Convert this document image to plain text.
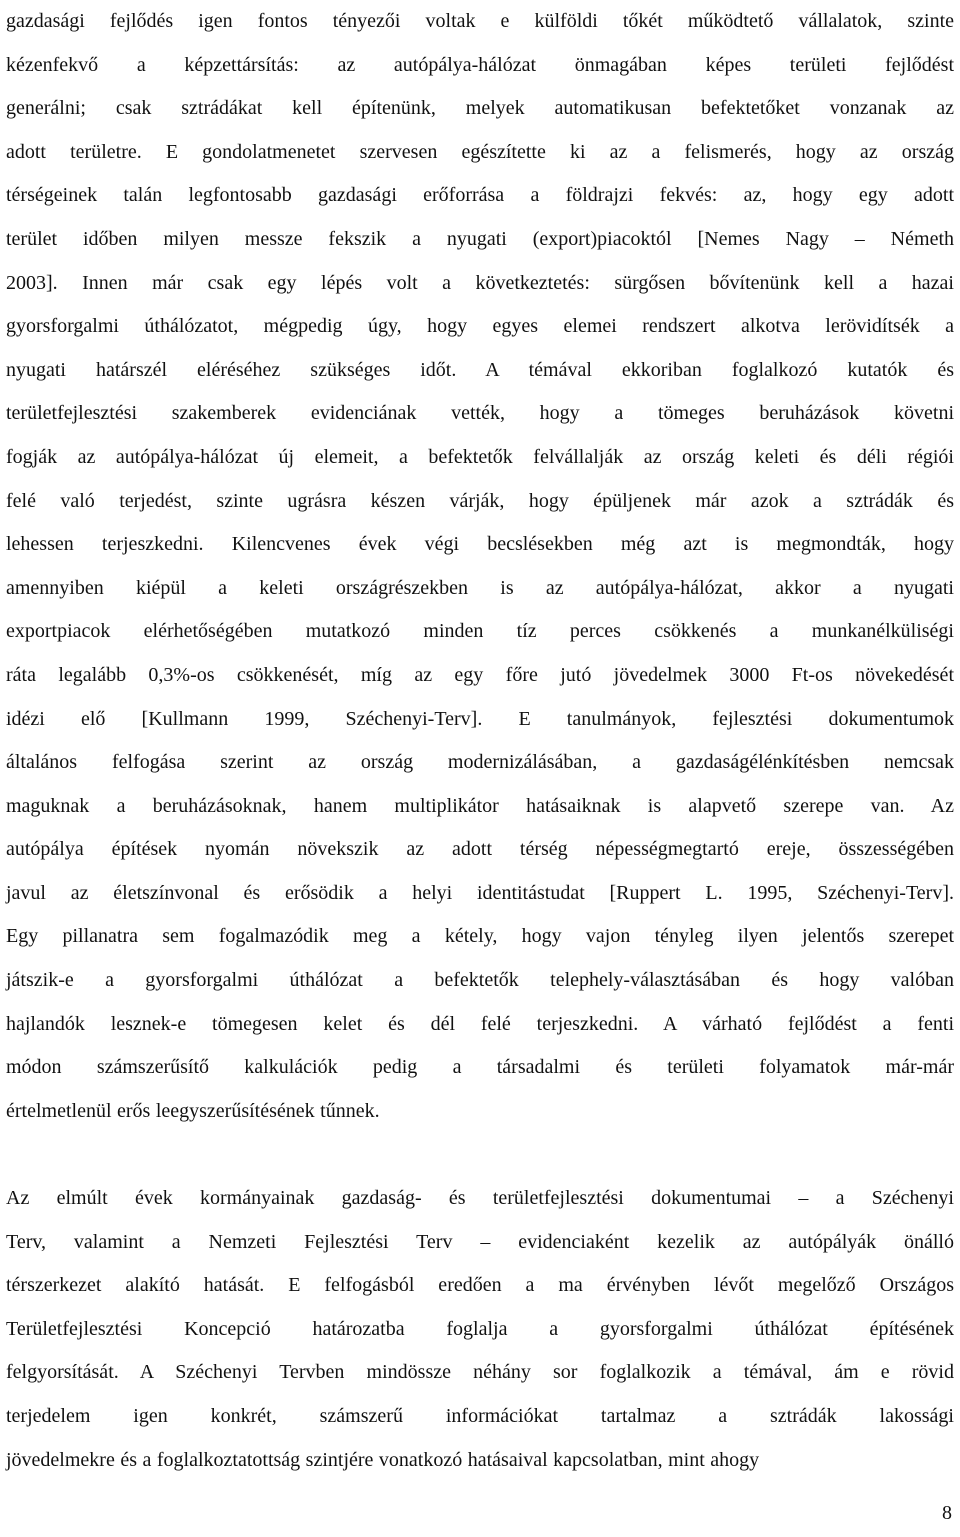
gazdasági fejlődés igen fontos tényezői voltak e külföldi tőkét működtető vállalatok, szinte
kézenfekvő a képzettársítás: az autópálya-hálózat önmagában képes területi fejlődést
generálni; csak sztrádákat kell építenünk, melyek automatikusan befektetőket vonzanak az
adott területre. E gondolatmenetet szervesen egészítette ki az a felismerés, hogy az ország
térségeinek talán legfontosabb gazdasági erőforrása a földrajzi fekvés: az, hogy egy adott
terület időben milyen messze fekszik a nyugati (export)piacoktól [Nemes Nagy – Németh
2003]. Innen már csak egy lépés volt a következtetés: sürgősen bővítenünk kell a hazai
gyorsforgalmi úthálózatot, mégpedig úgy, hogy egyes elemei rendszert alkotva lerövidítsék a
nyugati határszél eléréséhez szükséges időt. A témával ekkoriban foglalkozó kutatók és
területfejlesztési szakemberek evidenciának vették, hogy a tömeges beruházások követni
fogják az autópálya-hálózat új elemeit, a befektetők felvállalják az ország keleti és déli régiói
felé való terjedést, szinte ugrásra készen várják, hogy épüljenek már azok a sztrádák és
lehessen terjeszkedni. Kilencvenes évek végi becslésekben még azt is megmondták, hogy
amennyiben kiépül a keleti országrészekben is az autópálya-hálózat, akkor a nyugati
exportpiacok elérhetőségében mutatkozó minden tíz perces csökkenés a munkanélküliségi
ráta legalább 0,3%-os csökkenését, míg az egy főre jutó jövedelmek 3000 Ft-os növekedését
idézi elő [Kullmann 1999, Széchenyi-Terv]. E tanulmányok, fejlesztési dokumentumok
általános felfogása szerint az ország modernizálásában, a gazdaságélénkítésben nemcsak
maguknak a beruházásoknak, hanem multiplikátor hatásaiknak is alapvető szerepe van. Az
autópálya építések nyomán növekszik az adott térség népességmegtartó ereje, összességében
javul az életszínvonal és erősödik a helyi identitástudat [Ruppert L. 1995, Széchenyi-Terv].
Egy pillanatra sem fogalmazódik meg a kétely, hogy vajon tényleg ilyen jelentős szerepet
játszik-e a gyorsforgalmi úthálózat a befektetők telephely-választásában és hogy valóban
hajlandók lesznek-e tömegesen kelet és dél felé terjeszkedni. A várható fejlődést a fenti
módon számszerűsítő kalkulációk pedig a társadalmi és területi folyamatok már-már
értelmetlenül erős leegyszerűsítésének tűnnek.

Az elmúlt évek kormányainak gazdaság- és területfejlesztési dokumentumai – a Széchenyi
Terv, valamint a Nemzeti Fejlesztési Terv – evidenciaként kezelik az autópályák önálló
térszerkezet alakító hatását. E felfogásból eredően a ma érvényben lévőt megelőző Országos
Területfejlesztési Koncepció határozatba foglalja a gyorsforgalmi úthálózat építésének
felgyorsítását. A Széchenyi Tervben mindössze néhány sor foglalkozik a témával, ám e rövid
terjedelem igen konkrét, számszerű információkat tartalmaz a sztrádák lakossági
jövedelmekre és a foglalkoztatottság szintjére vonatkozó hatásaival kapcsolatban, mint ahogy

8
